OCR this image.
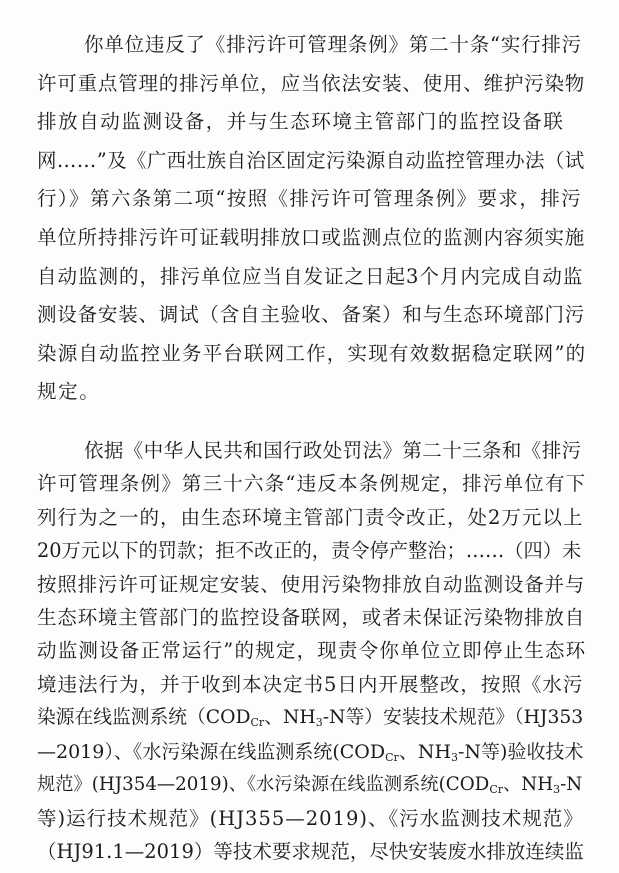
你单位违反了《排污许可管理条例》第二十条“实行排污
许可重点管理的排污单位，应当依法安装、使用、维护污染物
排放自动监测设备，并与生态环境主管部门的监控设备联
网……”及《广西壮族自治区固定污染源自动监控管理办法（试
行）》第六条第二项“按照《排污许可管理条例》要求，排污
单位所持排污许可证载明排放口或监测点位的监测内容须实施
自动监测的，排污单位应当自发证之日起3个月内完成自动监
测设备安装、调试（含自主验收、备案）和与生态环境部门污
染源自动监控业务平台联网工作，实现有效数据稳定联网”的
规定。
依据《中华人民共和国行政处罚法》第二十三条和《排污
许可管理条例》第三十六条“违反本条例规定，排污单位有下
列行为之一的，由生态环境主管部门责令改正，处2万元以上
20万元以下的罚款；拒不改正的，责令停产整治；……（四）未
按照排污许可证规定安装、使用污染物排放自动监测设备并与
生态环境主管部门的监控设备联网，或者未保证污染物排放自
动监测设备正常运行”的规定，现责令你单位立即停止生态环
境违法行为，并于收到本决定书5日内开展整改，按照《水污
染源在线监测系统（$COD_{Cr}$、$NH_3-N$等）安装技术规范》（HJ353
—2019）、《水污染源在线监测系统($COD_{Cr}$、$NH_3-N$等)验收技术
规范》(HJ354—2019)、《水污染源在线监测系统($COD_{Cr}$、$NH_3-N$
等)运行技术规范》(HJ355—2019)、《污水监测技术规范》
（HJ91.1—2019）等技术要求规范，尽快安装废水排放连续监
